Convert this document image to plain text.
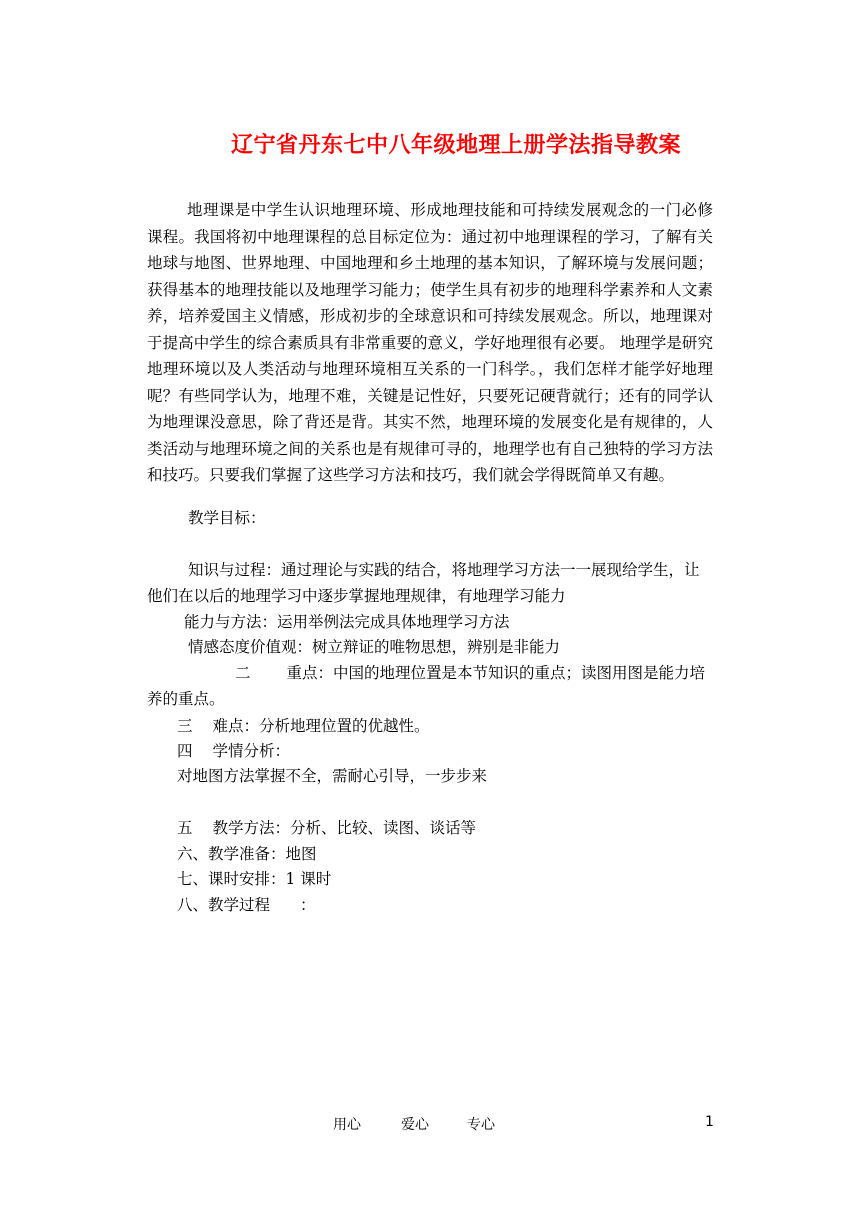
辽宁省丹东七中八年级地理上册学法指导教案

地理课是中学生认识地理环境、形成地理技能和可持续发展观念的一门必修课程。我国将初中地理课程的总目标定位为：通过初中地理课程的学习，了解有关地球与地图、世界地理、中国地理和乡土地理的基本知识，了解环境与发展问题；获得基本的地理技能以及地理学习能力；使学生具有初步的地理科学素养和人文素养，培养爱国主义情感，形成初步的全球意识和可持续发展观念。所以，地理课对于提高中学生的综合素质具有非常重要的意义，学好地理很有必要。 地理学是研究地理环境以及人类活动与地理环境相互关系的一门科学。，我们怎样才能学好地理呢？有些同学认为，地理不难，关键是记性好，只要死记硬背就行；还有的同学认为地理课没意思，除了背还是背。其实不然，地理环境的发展变化是有规律的，人类活动与地理环境之间的关系也是有规律可寻的，地理学也有自己独特的学习方法和技巧。只要我们掌握了这些学习方法和技巧，我们就会学得既简单又有趣。

教学目标：

知识与过程：通过理论与实践的结合，将地理学习方法一一展现给学生，让他们在以后的地理学习中逐步掌握地理规律，有地理学习能力

能力与方法：运用举例法完成具体地理学习方法

情感态度价值观：树立辩证的唯物思想，辨别是非能力

二 重点：中国的地理位置是本节知识的重点；读图用图是能力培养的重点。

三 难点：分析地理位置的优越性。

四 学情分析：

对地图方法掌握不全，需耐心引导，一步步来

五 教学方法：分析、比较、读图、谈话等

六、教学准备：地图

七、课时安排：1 课时

八、教学过程 ：

用心	爱心	专心	1
